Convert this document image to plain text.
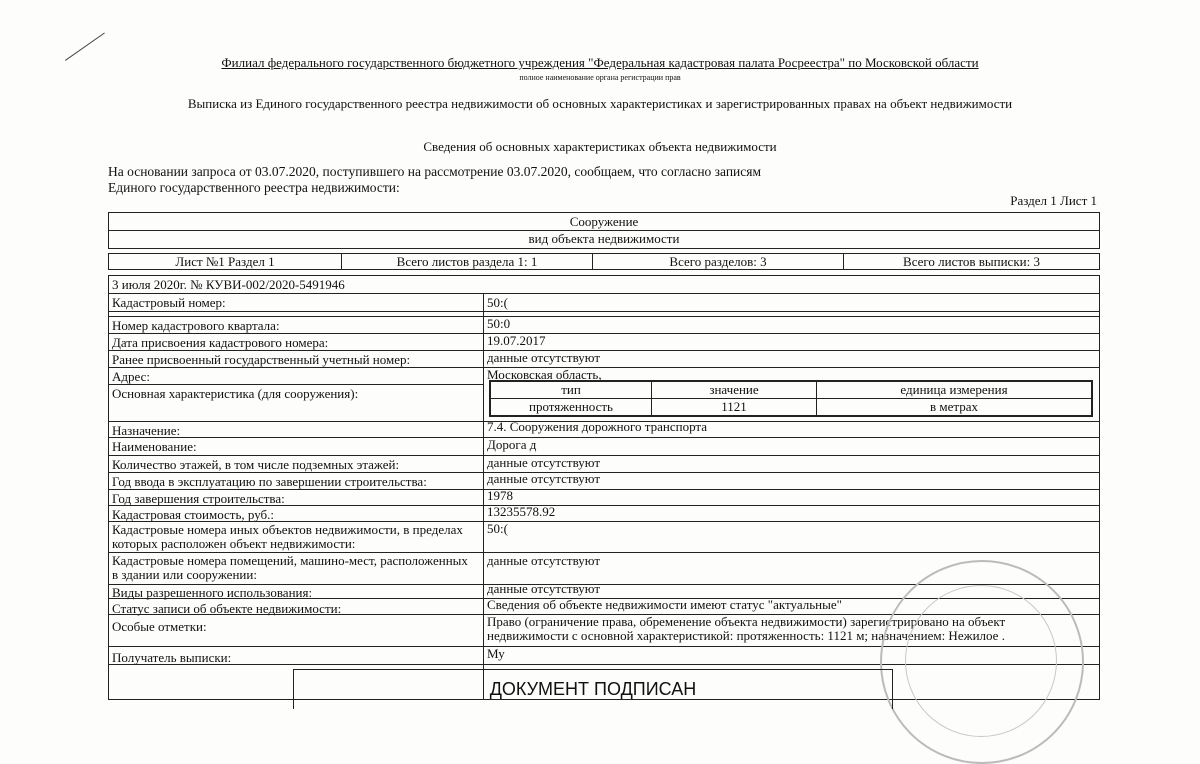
Филиал федерального государственного бюджетного учреждения "Федеральная кадастровая палата Росреестра" по Московской области
полное наименование органа регистрации прав
Выписка из Единого государственного реестра недвижимости об основных характеристиках и зарегистрированных правах на объект недвижимости
Сведения об основных характеристиках объекта недвижимости
На основании запроса от 03.07.2020, поступившего на рассмотрение 03.07.2020, сообщаем, что согласно записям
Единого государственного реестра недвижимости:
Раздел 1 Лист 1
Сооружение
вид объекта недвижимости
Лист №1 Раздел 1	Всего листов раздела 1: 1	Всего разделов: 3	Всего листов выписки: 3
3 июля 2020г. № КУВИ-002/2020-5491946
Кадастровый номер:	50:(
Номер кадастрового квартала:	50:0
Дата присвоения кадастрового номера:	19.07.2017
Ранее присвоенный государственный учетный номер:	данные отсутствуют
Адрес:	Московская область,
Основная характеристика (для сооружения):	тип	значение	единица измерения
протяженность	1121	в метрах
Назначение:	7.4. Сооружения дорожного транспорта
Наименование:	Дорога д
Количество этажей, в том числе подземных этажей:	данные отсутствуют
Год ввода в эксплуатацию по завершении строительства:	данные отсутствуют
Год завершения строительства:	1978
Кадастровая стоимость, руб.:	13235578.92
Кадастровые номера иных объектов недвижимости, в пределах
которых расположен объект недвижимости:
50:(
Кадастровые номера помещений, машино-мест, расположенных
в здании или сооружении:
данные отсутствуют
Виды разрешенного использования:	данные отсутствуют
Статус записи об объекте недвижимости:	Сведения об объекте недвижимости имеют статус "актуальные"
Особые отметки:	Право (ограничение права, обременение объекта недвижимости) зарегистрировано на объект
недвижимости с основной характеристикой: протяженность: 1121 м; назначением: Нежилое .
Получатель выписки:	Му
ДОКУМЕНТ ПОДПИСАН
